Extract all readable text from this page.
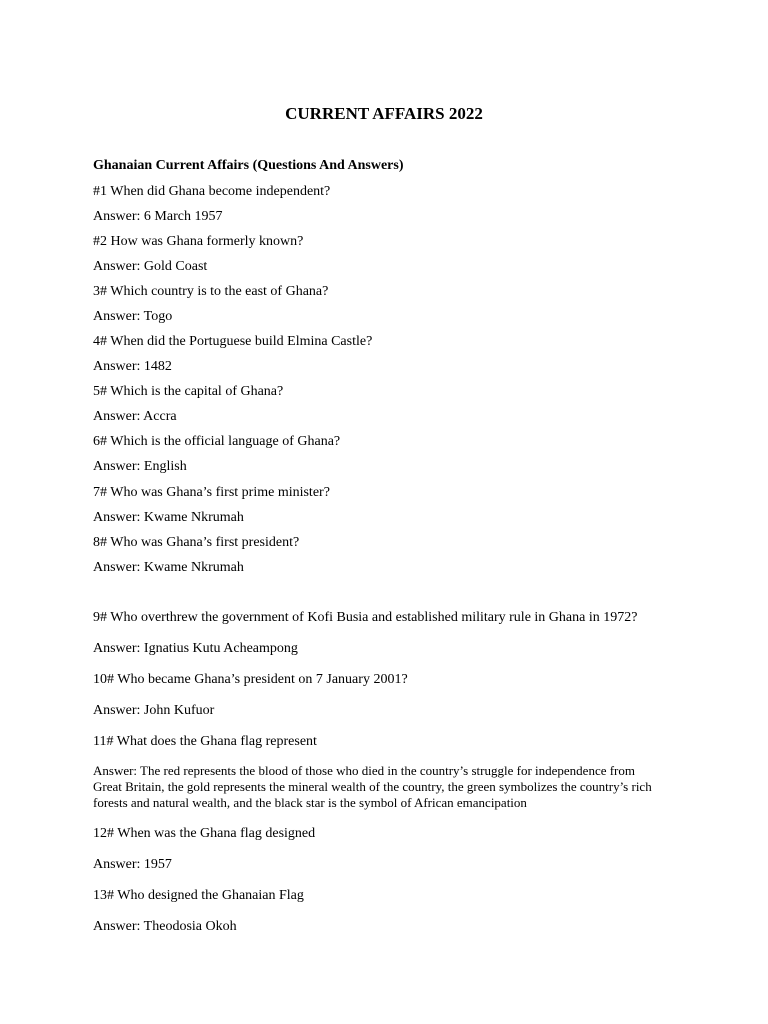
CURRENT AFFAIRS 2022
Ghanaian Current Affairs (Questions And Answers)
#1 When did Ghana become independent?
Answer: 6 March 1957
#2 How was Ghana formerly known?
Answer: Gold Coast
3# Which country is to the east of Ghana?
Answer: Togo
4# When did the Portuguese build Elmina Castle?
Answer: 1482
5# Which is the capital of Ghana?
Answer: Accra
6# Which is the official language of Ghana?
Answer: English
7# Who was Ghana’s first prime minister?
Answer: Kwame Nkrumah
8# Who was Ghana’s first president?
Answer: Kwame Nkrumah
9# Who overthrew the government of Kofi Busia and established military rule in Ghana in 1972?
Answer: Ignatius Kutu Acheampong
10# Who became Ghana’s president on 7 January 2001?
Answer: John Kufuor
11# What does the Ghana flag represent
Answer: The red represents the blood of those who died in the country’s struggle for independence from Great Britain, the gold represents the mineral wealth of the country, the green symbolizes the country’s rich forests and natural wealth, and the black star is the symbol of African emancipation
12# When was the Ghana flag designed
Answer: 1957
13# Who designed the Ghanaian Flag
Answer: Theodosia Okoh
